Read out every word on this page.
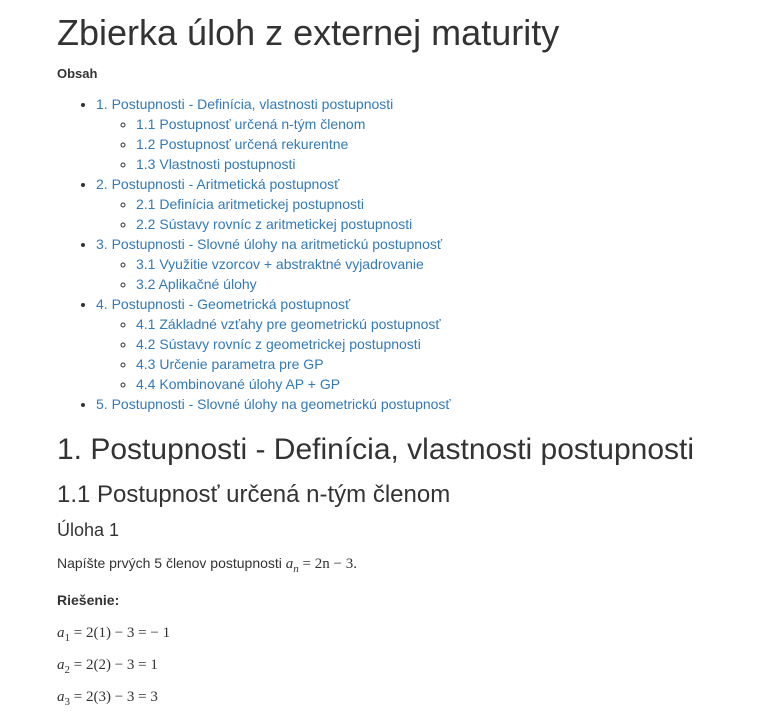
Zbierka úloh z externej maturity
Obsah
• 1. Postupnosti - Definícia, vlastnosti postupnosti
◦ 1.1 Postupnosť určená n-tým členom
◦ 1.2 Postupnosť určená rekurentne
◦ 1.3 Vlastnosti postupnosti
• 2. Postupnosti - Aritmetická postupnosť
◦ 2.1 Definícia aritmetickej postupnosti
◦ 2.2 Sústavy rovníc z aritmetickej postupnosti
• 3. Postupnosti - Slovné úlohy na aritmetickú postupnosť
◦ 3.1 Využitie vzorcov + abstraktné vyjadrovanie
◦ 3.2 Aplikačné úlohy
• 4. Postupnosti - Geometrická postupnosť
◦ 4.1 Základné vzťahy pre geometrickú postupnosť
◦ 4.2 Sústavy rovníc z geometrickej postupnosti
◦ 4.3 Určenie parametra pre GP
◦ 4.4 Kombinované úlohy AP + GP
• 5. Postupnosti - Slovné úlohy na geometrickú postupnosť
1. Postupnosti - Definícia, vlastnosti postupnosti
1.1 Postupnosť určená n-tým členom
Úloha 1

Napíšte prvých 5 členov postupnosti $a_n = 2n - 3$.

Riešenie:

$a_1 = 2(1) - 3$ = − 1

$a_2 = 2(2) - 3 = 1$

$a_3 = 2(3) - 3 = 3$
